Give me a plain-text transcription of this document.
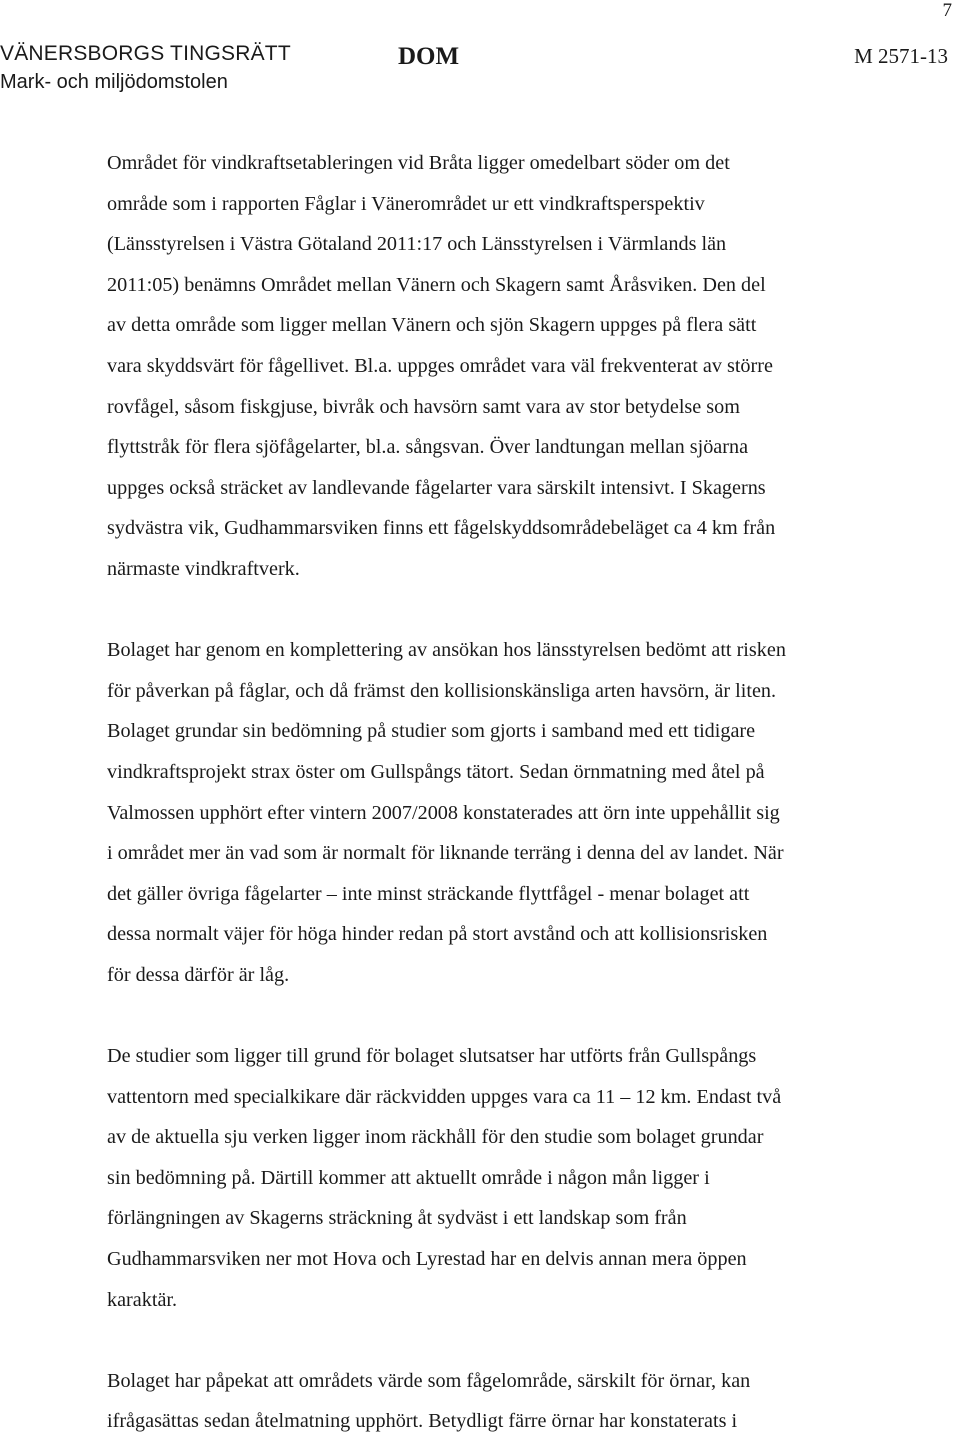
7
VÄNERSBORGS TINGSRÄTT
Mark- och miljödomstolen
DOM	M 2571-13

Området för vindkraftsetableringen vid Bråta ligger omedelbart söder om det
område som i rapporten Fåglar i Vänerområdet ur ett vindkraftsperspektiv
(Länsstyrelsen i Västra Götaland 2011:17 och Länsstyrelsen i Värmlands län
2011:05) benämns Området mellan Vänern och Skagern samt Åråsviken. Den del
av detta område som ligger mellan Vänern och sjön Skagern uppges på flera sätt
vara skyddsvärt för fågellivet. Bl.a. uppges området vara väl frekventerat av större
rovfågel, såsom fiskgjuse, bivråk och havsörn samt vara av stor betydelse som
flyttstråk för flera sjöfågelarter, bl.a. sångsvan. Över landtungan mellan sjöarna
uppges också sträcket av landlevande fågelarter vara särskilt intensivt. I Skagerns
sydvästra vik, Gudhammarsviken finns ett fågelskyddsområdebeläget ca 4 km från
närmaste vindkraftverk.

Bolaget har genom en komplettering av ansökan hos länsstyrelsen bedömt att risken
för påverkan på fåglar, och då främst den kollisionskänsliga arten havsörn, är liten.
Bolaget grundar sin bedömning på studier som gjorts i samband med ett tidigare
vindkraftsprojekt strax öster om Gullspångs tätort. Sedan örnmatning med åtel på
Valmossen upphört efter vintern 2007/2008 konstaterades att örn inte uppehållit sig
i området mer än vad som är normalt för liknande terräng i denna del av landet. När
det gäller övriga fågelarter – inte minst sträckande flyttfågel - menar bolaget att
dessa normalt väjer för höga hinder redan på stort avstånd och att kollisionsrisken
för dessa därför är låg.

De studier som ligger till grund för bolaget slutsatser har utförts från Gullspångs
vattentorn med specialkikare där räckvidden uppges vara ca 11 – 12 km. Endast två
av de aktuella sju verken ligger inom räckhåll för den studie som bolaget grundar
sin bedömning på. Därtill kommer att aktuellt område i någon mån ligger i
förlängningen av Skagerns sträckning åt sydväst i ett landskap som från
Gudhammarsviken ner mot Hova och Lyrestad har en delvis annan mera öppen
karaktär.

Bolaget har påpekat att områdets värde som fågelområde, särskilt för örnar, kan
ifrågasättas sedan åtelmatning upphört. Betydligt färre örnar har konstaterats i
